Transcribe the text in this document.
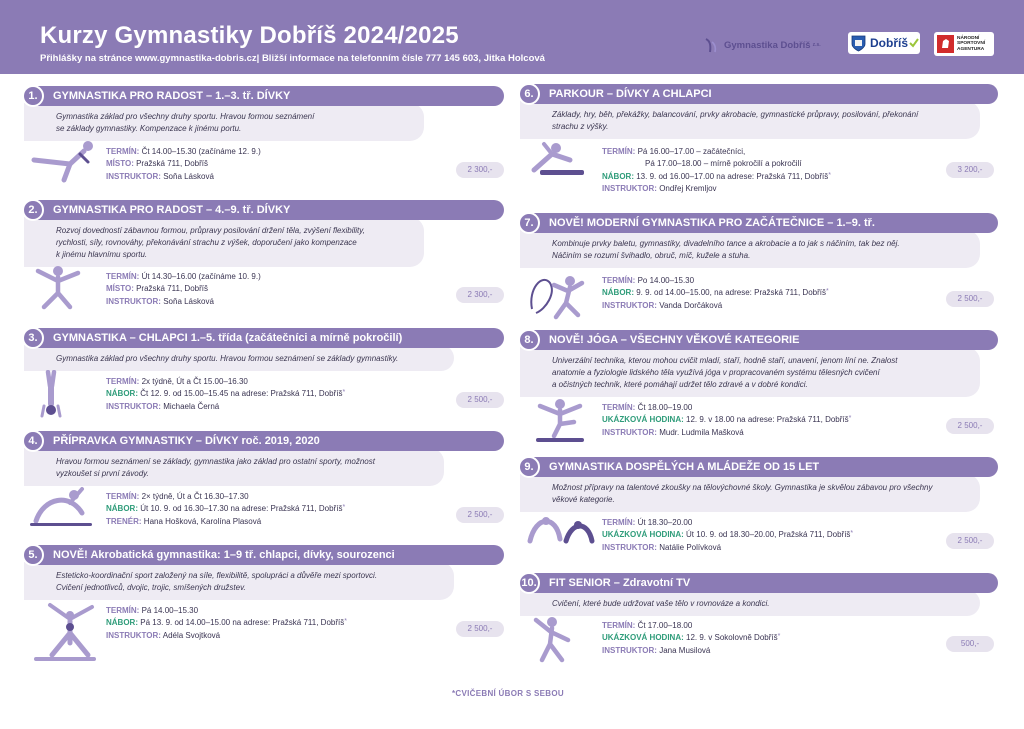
Kurzy Gymnastiky Dobříš 2024/2025
Přihlášky na stránce www.gymnastika-dobris.cz| Bližší informace na telefonním čísle 777 145 603, Jitka Holcová
Gymnastika Dobříš z.s.	Dobříš	NÁRODNÍ SPORTOVNÍ AGENTURA
Gymnastika základ pro všechny druhy sportu. Hravou formou seznámení
se základy gymnastiky. Kompenzace k jinému portu.
1.	GYMNASTIKA PRO RADOST – 1.–3. tř. DÍVKY
TERMÍN: Čt 14.00–15.30 (začínáme 12. 9.)
MÍSTO: Pražská 711, Dobříš
INSTRUKTOR: Soňa Lásková
2 300,-
Rozvoj dovedností zábavnou formou, průpravy posilování držení těla, zvýšení flexibility,
rychlosti, síly, rovnováhy, překonávání strachu z výšek, doporučení jako kompenzace
k jinému hlavnímu sportu.
2.	GYMNASTIKA PRO RADOST – 4.–9. tř. DÍVKY
TERMÍN: Út 14.30–16.00 (začínáme 10. 9.)
MÍSTO: Pražská 711, Dobříš
INSTRUKTOR: Soňa Lásková
2 300,-
Gymnastika základ pro všechny druhy sportu. Hravou formou seznámení se základy gymnastiky.
3.	GYMNASTIKA – CHLAPCI 1.–5. třída (začátečníci a mírně pokročilí)
TERMÍN: 2x týdně, Út a Čt 15.00–16.30
NÁBOR: Čt 12. 9. od 15.00–15.45 na adrese: Pražská 711, Dobříš*
INSTRUKTOR: Michaela Černá
2 500,-
Hravou formou seznámení se základy, gymnastika jako základ pro ostatní sporty, možnost
vyzkoušet si první závody.
4.	PŘÍPRAVKA GYMNASTIKY – DÍVKY roč. 2019, 2020
TERMÍN: 2× týdně, Út a Čt 16.30–17.30
NÁBOR: Út 10. 9. od 16.30–17.30 na adrese: Pražská 711, Dobříš*
TRENÉR: Hana Hošková, Karolína Plasová
2 500,-
Esteticko-koordinační sport založený na síle, flexibilitě, spolupráci a důvěře mezi sportovci.
Cvičení jednotlivců, dvojic, trojic, smíšených družstev.
5.	NOVĚ! Akrobatická gymnastika: 1–9 tř. chlapci, dívky, sourozenci
TERMÍN: Pá 14.00–15.30
NÁBOR: Pá 13. 9. od 14.00–15.00 na adrese: Pražská 711, Dobříš*
INSTRUKTOR: Adéla Svojtková
2 500,-
Základy, hry, běh, překážky, balancování, prvky akrobacie, gymnastické průpravy, posilování, překonání
strachu z výšky.
6.	PARKOUR – DÍVKY A CHLAPCI
TERMÍN: Pá 16.00–17.00 – začátečníci,
Pá 17.00–18.00 – mírně pokročilí a pokročilí
NÁBOR: 13. 9. od 16.00–17.00 na adrese: Pražská 711, Dobříš*
INSTRUKTOR: Ondřej Kremljov
3 200,-
Kombinuje prvky baletu, gymnastiky, divadelního tance a akrobacie a to jak s náčiním, tak bez něj.
Náčiním se rozumí švihadlo, obruč, míč, kužele a stuha.
7.	NOVĚ! MODERNÍ GYMNASTIKA PRO ZAČÁTEČNICE – 1.–9. tř.
TERMÍN: Po 14.00–15.30
NÁBOR: 9. 9. od 14.00–15.00, na adrese: Pražská 711, Dobříš*
INSTRUKTOR: Vanda Dorčáková
2 500,-
Univerzální technika, kterou mohou cvičit mladí, staří, hodně staří, unavení, jenom líní ne. Znalost
anatomie a fyziologie lidského těla využívá jóga v propracovaném systému tělesných cvičení
a očistných technik, které pomáhají udržet tělo zdravé a v dobré kondici.
8.	NOVĚ! JÓGA – VŠECHNY VĚKOVÉ KATEGORIE
TERMÍN: Čt 18.00–19.00
UKÁZKOVÁ HODINA: 12. 9. v 18.00 na adrese: Pražská 711, Dobříš*
INSTRUKTOR: Mudr. Ludmila Mašková
2 500,-
Možnost přípravy na talentové zkoušky na tělovýchovné školy. Gymnastika je skvělou zábavou pro všechny
věkové kategorie.
9.	GYMNASTIKA DOSPĚLÝCH A MLÁDEŽE OD 15 LET
TERMÍN: Út 18.30–20.00
UKÁZKOVÁ HODINA: Út 10. 9. od 18.30–20.00, Pražská 711, Dobříš*
INSTRUKTOR: Natálie Polívková
2 500,-
Cvičení, které bude udržovat vaše tělo v rovnováze a kondici.
10.	FIT SENIOR – Zdravotní TV
TERMÍN: Čt 17.00–18.00
UKÁZKOVÁ HODINA: 12. 9. v Sokolovně Dobříš*
INSTRUKTOR: Jana Musilová
500,-
*CVIČEBNÍ ÚBOR S SEBOU
